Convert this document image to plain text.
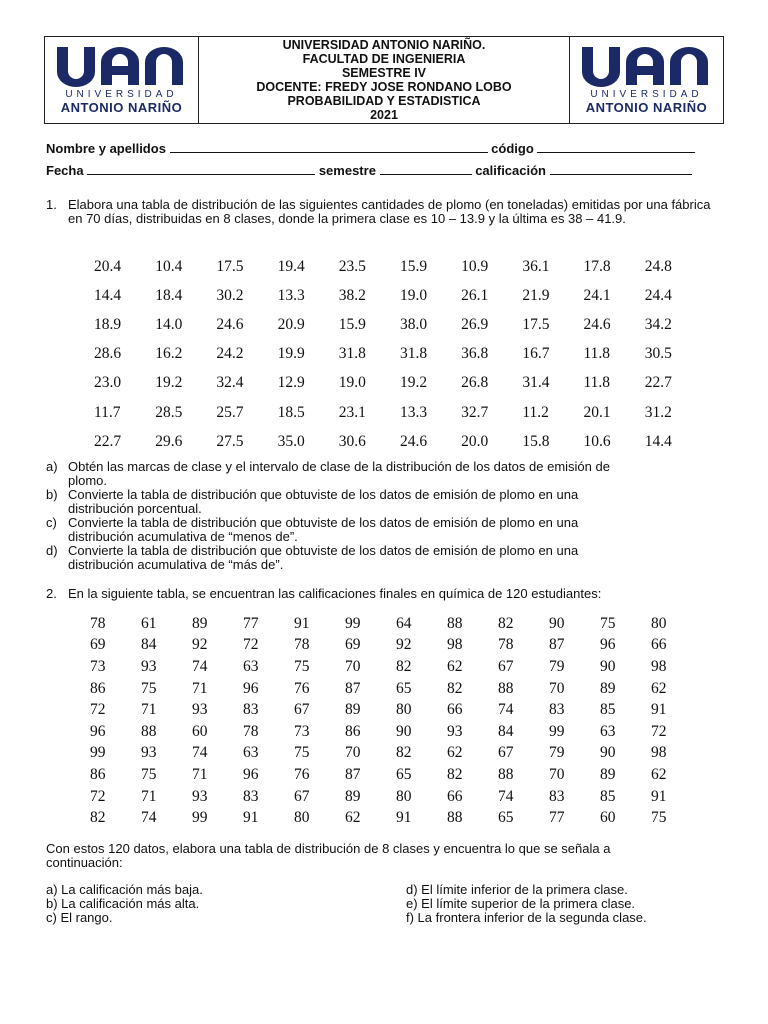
UNIVERSIDAD
ANTONIO NARIÑO
UNIVERSIDAD ANTONIO NARIÑO.
FACULTAD DE INGENIERIA
SEMESTRE IV
DOCENTE: FREDY JOSE RONDANO LOBO
PROBABILIDAD Y ESTADISTICA
2021
UNIVERSIDAD
ANTONIO NARIÑO
Nombre y apellidos	código
Fecha	semestre	calificación
1. Elabora una tabla de distribución de las siguientes cantidades de plomo (en toneladas) emitidas por una fábrica en 70 días, distribuidas en 8 clases, donde la primera clase es 10 – 13.9 y la última es 38 – 41.9.
20.4	10.4	17.5	19.4	23.5	15.9	10.9	36.1	17.8	24.8
14.4	18.4	30.2	13.3	38.2	19.0	26.1	21.9	24.1	24.4
18.9	14.0	24.6	20.9	15.9	38.0	26.9	17.5	24.6	34.2
28.6	16.2	24.2	19.9	31.8	31.8	36.8	16.7	11.8	30.5
23.0	19.2	32.4	12.9	19.0	19.2	26.8	31.4	11.8	22.7
11.7	28.5	25.7	18.5	23.1	13.3	32.7	11.2	20.1	31.2
22.7	29.6	27.5	35.0	30.6	24.6	20.0	15.8	10.6	14.4
a) Obtén las marcas de clase y el intervalo de clase de la distribución de los datos de emisión de
plomo.
b) Convierte la tabla de distribución que obtuviste de los datos de emisión de plomo en una
distribución porcentual.
c) Convierte la tabla de distribución que obtuviste de los datos de emisión de plomo en una
distribución acumulativa de “menos de”.
d) Convierte la tabla de distribución que obtuviste de los datos de emisión de plomo en una
distribución acumulativa de “más de”.
2. En la siguiente tabla, se encuentran las calificaciones finales en química de 120 estudiantes:
78	61	89	77	91	99	64	88	82	90	75	80
69	84	92	72	78	69	92	98	78	87	96	66
73	93	74	63	75	70	82	62	67	79	90	98
86	75	71	96	76	87	65	82	88	70	89	62
72	71	93	83	67	89	80	66	74	83	85	91
96	88	60	78	73	86	90	93	84	99	63	72
99	93	74	63	75	70	82	62	67	79	90	98
86	75	71	96	76	87	65	82	88	70	89	62
72	71	93	83	67	89	80	66	74	83	85	91
82	74	99	91	80	62	91	88	65	77	60	75
Con estos 120 datos, elabora una tabla de distribución de 8 clases y encuentra lo que se señala a
continuación:
a) La calificación más baja.
b) La calificación más alta.
c) El rango.
d) El límite inferior de la primera clase.
e) El límite superior de la primera clase.
f) La frontera inferior de la segunda clase.
